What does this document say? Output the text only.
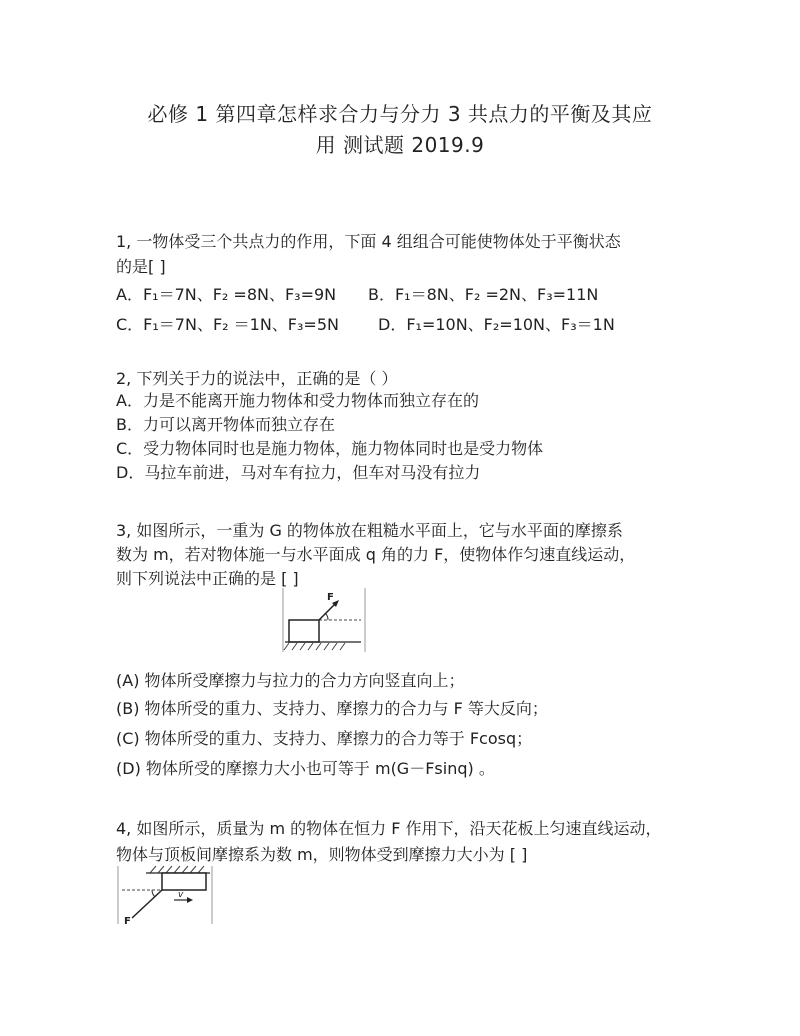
必修 1 第四章怎样求合力与分力 3 共点力的平衡及其应
用 测试题 2019.9
1, 一物体受三个共点力的作用，下面 4 组组合可能使物体处于平衡状态
的是[ ]
A．F₁＝7N、F₂ =8N、F₃=9N B．F₁＝8N、F₂ =2N、F₃=11N
C．F₁＝7N、F₂ ＝1N、F₃=5N D．F₁=10N、F₂=10N、F₃＝1N
2, 下列关于力的说法中，正确的是（ ）
A．力是不能离开施力物体和受力物体而独立存在的
B．力可以离开物体而独立存在
C．受力物体同时也是施力物体，施力物体同时也是受力物体
D．马拉车前进，马对车有拉力，但车对马没有拉力
3, 如图所示，一重为 G 的物体放在粗糙水平面上，它与水平面的摩擦系
数为 m，若对物体施一与水平面成 q 角的力 F，使物体作匀速直线运动，
则下列说法中正确的是 [ ]
F
(A) 物体所受摩擦力与拉力的合力方向竖直向上；
(B) 物体所受的重力、支持力、摩擦力的合力与 F 等大反向；
(C) 物体所受的重力、支持力、摩擦力的合力等于 Fcosq；
(D) 物体所受的摩擦力大小也可等于 m(G－Fsinq) 。
4, 如图所示，质量为 m 的物体在恒力 F 作用下，沿天花板上匀速直线运动，
物体与顶板间摩擦系为数 m，则物体受到摩擦力大小为 [ ]
F
v
